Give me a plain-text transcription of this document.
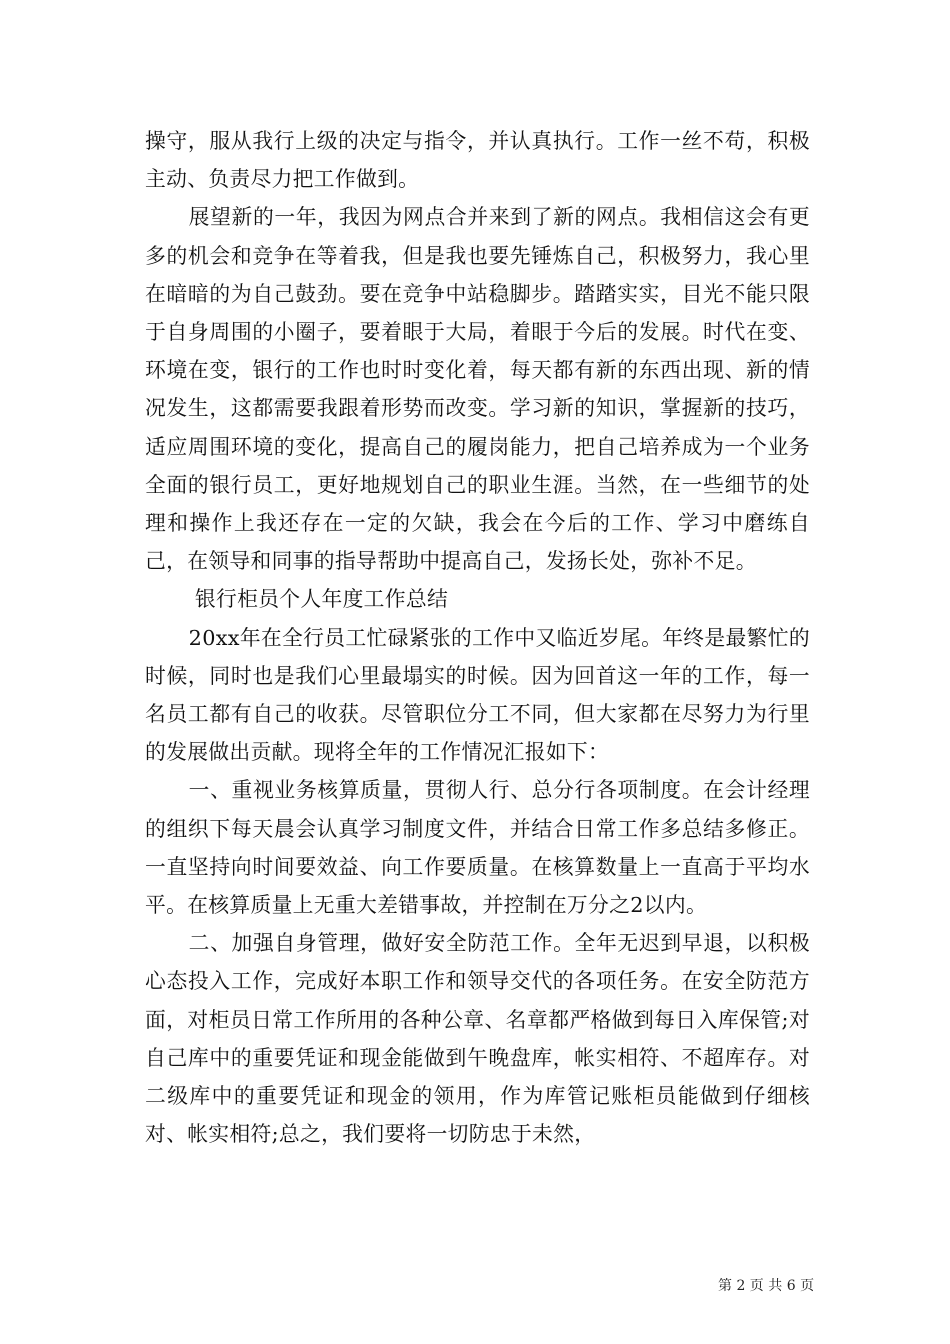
操守，服从我行上级的决定与指令，并认真执行。工作一丝不苟，积极主动、负责尽力把工作做到。

展望新的一年，我因为网点合并来到了新的网点。我相信这会有更多的机会和竞争在等着我，但是我也要先锤炼自己，积极努力，我心里在暗暗的为自己鼓劲。要在竞争中站稳脚步。踏踏实实，目光不能只限于自身周围的小圈子，要着眼于大局，着眼于今后的发展。时代在变、环境在变，银行的工作也时时变化着，每天都有新的东西出现、新的情况发生，这都需要我跟着形势而改变。学习新的知识，掌握新的技巧，适应周围环境的变化，提高自己的履岗能力，把自己培养成为一个业务全面的银行员工，更好地规划自己的职业生涯。当然，在一些细节的处理和操作上我还存在一定的欠缺，我会在今后的工作、学习中磨练自己，在领导和同事的指导帮助中提高自己，发扬长处，弥补不足。

银行柜员个人年度工作总结

20xx年在全行员工忙碌紧张的工作中又临近岁尾。年终是最繁忙的时候，同时也是我们心里最塌实的时候。因为回首这一年的工作，每一名员工都有自己的收获。尽管职位分工不同，但大家都在尽努力为行里的发展做出贡献。现将全年的工作情况汇报如下：

一、重视业务核算质量，贯彻人行、总分行各项制度。在会计经理的组织下每天晨会认真学习制度文件，并结合日常工作多总结多修正。一直坚持向时间要效益、向工作要质量。在核算数量上一直高于平均水平。在核算质量上无重大差错事故，并控制在万分之2以内。

二、加强自身管理，做好安全防范工作。全年无迟到早退，以积极心态投入工作，完成好本职工作和领导交代的各项任务。在安全防范方面，对柜员日常工作所用的各种公章、名章都严格做到每日入库保管;对自己库中的重要凭证和现金能做到午晚盘库，帐实相符、不超库存。对二级库中的重要凭证和现金的领用，作为库管记账柜员能做到仔细核对、帐实相符;总之，我们要将一切防忠于未然，

第 2 页 共 6 页
